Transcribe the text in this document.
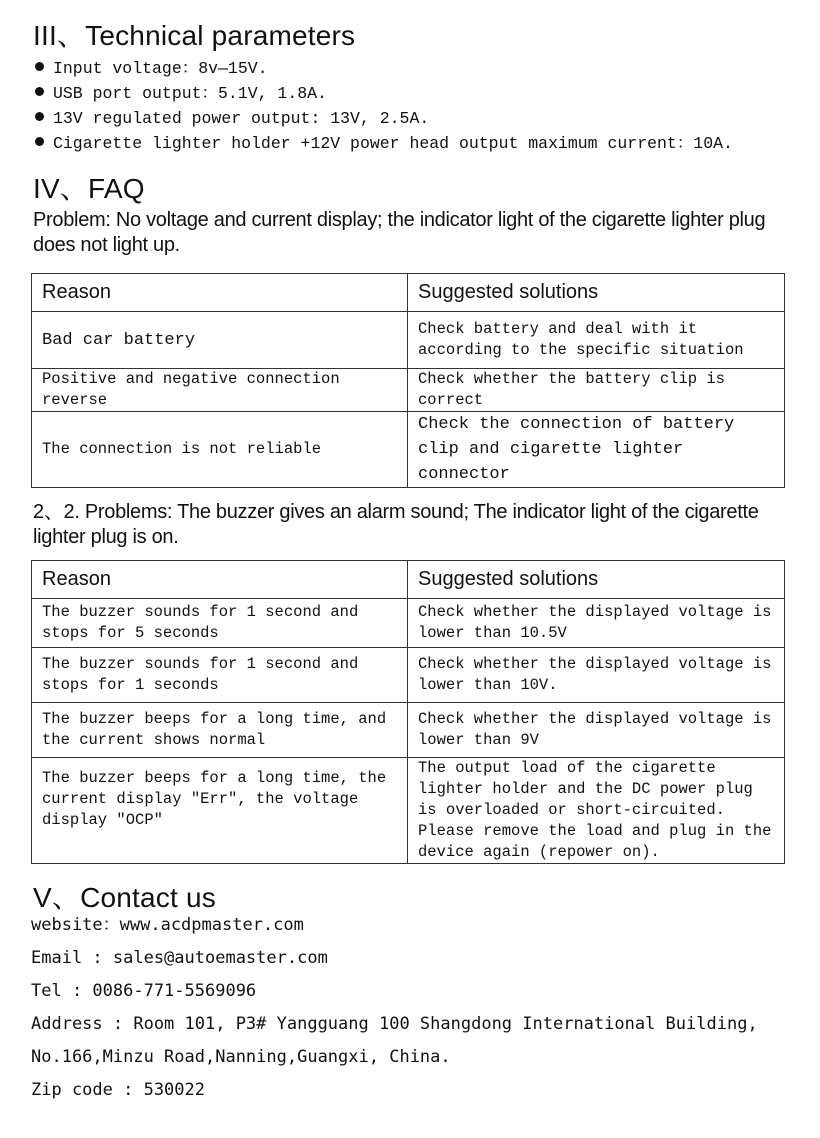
III、Technical parameters
Input voltage：8v—15V.
USB port output：5.1V, 1.8A.
13V regulated power output: 13V, 2.5A.
Cigarette lighter holder +12V power head output maximum current：10A.
IV、FAQ

Problem: No voltage and current display; the indicator light of the cigarette lighter plug does not light up.

Reason	Suggested solutions
Bad car battery	Check battery and deal with it according to the specific situation
Positive and negative connection reverse	Check whether the battery clip is correct
The connection is not reliable	Check the connection of battery clip and cigarette lighter connector

2、2. Problems: The buzzer gives an alarm sound; The indicator light of the cigarette lighter plug is on.

Reason	Suggested solutions
The buzzer sounds for 1 second and stops for 5 seconds	Check whether the displayed voltage is lower than 10.5V
The buzzer sounds for 1 second and stops for 1 seconds	Check whether the displayed voltage is lower than 10V.
The buzzer beeps for a long time, and the current shows normal	Check whether the displayed voltage is lower than 9V
The buzzer beeps for a long time, the current display "Err", the voltage display "OCP"	The output load of the cigarette lighter holder and the DC power plug is overloaded or short-circuited. Please remove the load and plug in the device again (repower on).
V、Contact us
website：www.acdpmaster.com
Email : sales@autoemaster.com
Tel : 0086-771-5569096
Address : Room 101, P3# Yangguang 100 Shangdong International Building,
No.166,Minzu Road,Nanning,Guangxi, China.
Zip code : 530022
